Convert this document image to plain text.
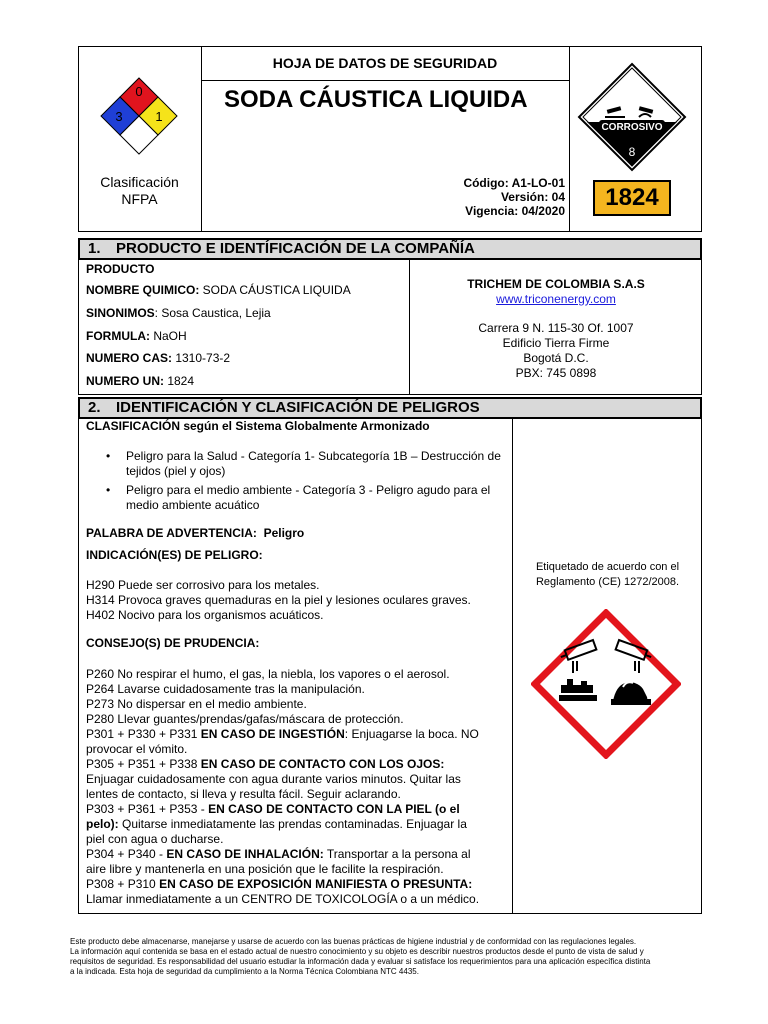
0
3	1
Clasificación
NFPA
HOJA DE DATOS DE SEGURIDAD
SODA CÁUSTICA LIQUIDA
Código: A1-LO-01
Versión: 04
Vigencia: 04/2020
CORROSIVO
8
1824
1. PRODUCTO E IDENTÍFICACIÓN DE LA COMPAÑÍA
PRODUCTO
NOMBRE QUIMICO: SODA CÁUSTICA LIQUIDA
SINONIMOS: Sosa Caustica, Lejia
FORMULA: NaOH
NUMERO CAS: 1310-73-2
NUMERO UN: 1824
TRICHEM DE COLOMBIA S.A.S
www.triconenergy.com
Carrera 9 N. 115-30 Of. 1007
Edificio Tierra Firme
Bogotá D.C.
PBX: 745 0898
2. IDENTIFICACIÓN Y CLASIFICACIÓN DE PELIGROS
CLASIFICACIÓN según el Sistema Globalmente Armonizado
• Peligro para la Salud - Categoría 1- Subcategoría 1B – Destrucción de tejidos (piel y ojos)
• Peligro para el medio ambiente - Categoría 3 - Peligro agudo para el medio ambiente acuático
PALABRA DE ADVERTENCIA: Peligro
INDICACIÓN(ES) DE PELIGRO:
H290 Puede ser corrosivo para los metales.
H314 Provoca graves quemaduras en la piel y lesiones oculares graves.
H402 Nocivo para los organismos acuáticos.
CONSEJO(S) DE PRUDENCIA:
P260 No respirar el humo, el gas, la niebla, los vapores o el aerosol.
P264 Lavarse cuidadosamente tras la manipulación.
P273 No dispersar en el medio ambiente.
P280 Llevar guantes/prendas/gafas/máscara de protección.
P301 + P330 + P331 EN CASO DE INGESTIÓN: Enjuagarse la boca. NO
provocar el vómito.
P305 + P351 + P338 EN CASO DE CONTACTO CON LOS OJOS:
Enjuagar cuidadosamente con agua durante varios minutos. Quitar las
lentes de contacto, si lleva y resulta fácil. Seguir aclarando.
P303 + P361 + P353 - EN CASO DE CONTACTO CON LA PIEL (o el
pelo): Quitarse inmediatamente las prendas contaminadas. Enjuagar la
piel con agua o ducharse.
P304 + P340 - EN CASO DE INHALACIÓN: Transportar a la persona al
aire libre y mantenerla en una posición que le facilite la respiración.
P308 + P310 EN CASO DE EXPOSICIÓN MANIFIESTA O PRESUNTA:
Llamar inmediatamente a un CENTRO DE TOXICOLOGÍA o a un médico.
Etiquetado de acuerdo con el
Reglamento (CE) 1272/2008.
Este producto debe almacenarse, manejarse y usarse de acuerdo con las buenas prácticas de higiene industrial y de conformidad con las regulaciones legales.
La información aquí contenida se basa en el estado actual de nuestro conocimiento y su objeto es describir nuestros productos desde el punto de vista de salud y
requisitos de seguridad. Es responsabilidad del usuario estudiar la información dada y evaluar si satisface los requerimientos para una aplicación específica distinta
a la indicada. Esta hoja de seguridad da cumplimiento a la Norma Técnica Colombiana NTC 4435.
